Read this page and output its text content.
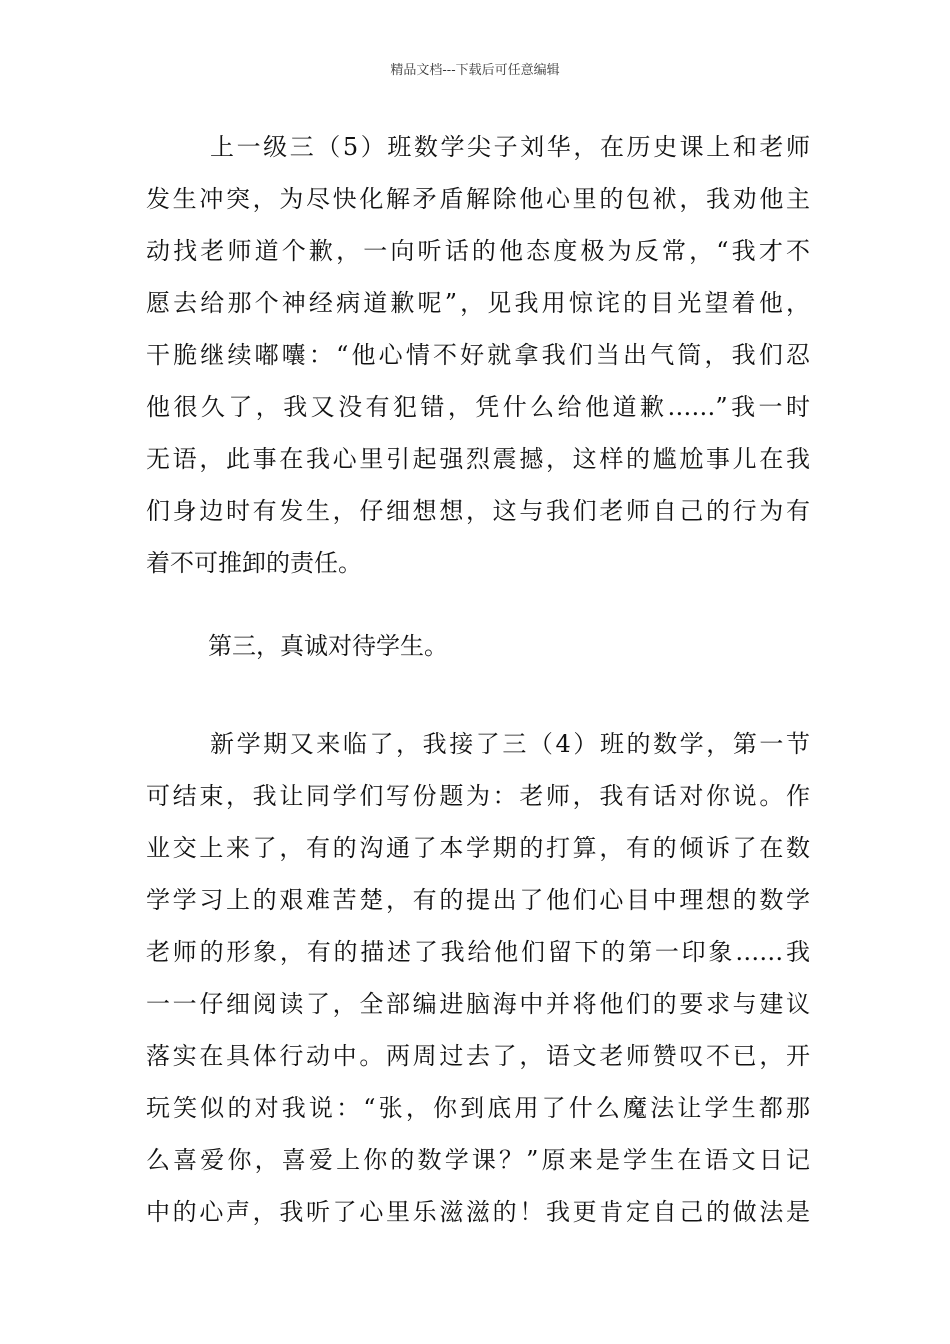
精品文档---下载后可任意编辑
上一级三（5）班数学尖子刘华，在历史课上和老师
发生冲突，为尽快化解矛盾解除他心里的包袱，我劝他主
动找老师道个歉，一向听话的他态度极为反常，“我才不
愿去给那个神经病道歉呢”，见我用惊诧的目光望着他，
干脆继续嘟囔：“他心情不好就拿我们当出气筒，我们忍
他很久了，我又没有犯错，凭什么给他道歉……”我一时
无语，此事在我心里引起强烈震撼，这样的尴尬事儿在我
们身边时有发生，仔细想想，这与我们老师自己的行为有
着不可推卸的责任。
第三，真诚对待学生。
新学期又来临了，我接了三（4）班的数学，第一节
可结束，我让同学们写份题为：老师，我有话对你说。作
业交上来了，有的沟通了本学期的打算，有的倾诉了在数
学学习上的艰难苦楚，有的提出了他们心目中理想的数学
老师的形象，有的描述了我给他们留下的第一印象……我
一一仔细阅读了，全部编进脑海中并将他们的要求与建议
落实在具体行动中。两周过去了，语文老师赞叹不已，开
玩笑似的对我说：“张，你到底用了什么魔法让学生都那
么喜爱你，喜爱上你的数学课？”原来是学生在语文日记
中的心声，我听了心里乐滋滋的！我更肯定自己的做法是
